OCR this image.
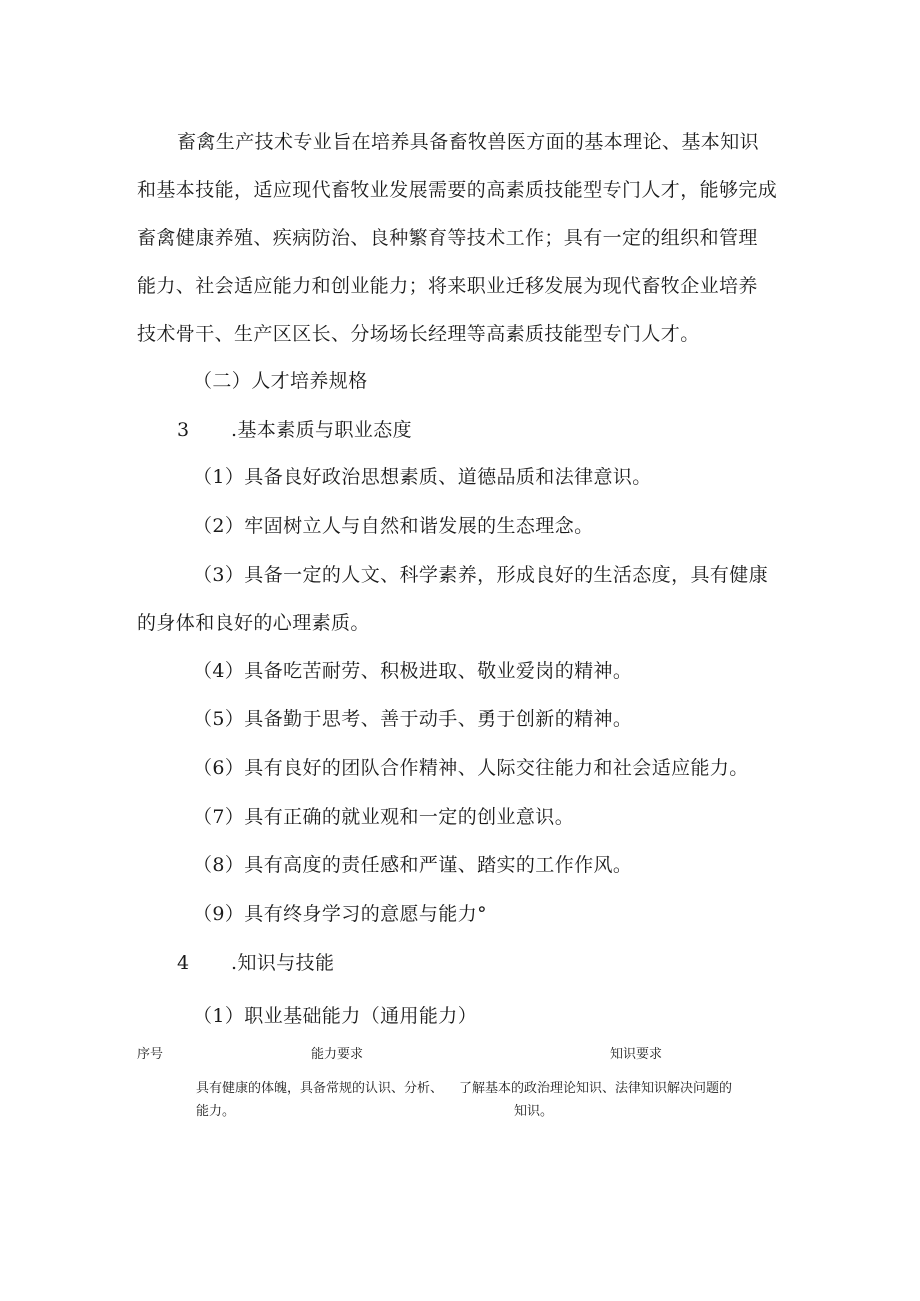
畜禽生产技术专业旨在培养具备畜牧兽医方面的基本理论、基本知识
和基本技能，适应现代畜牧业发展需要的高素质技能型专门人才，能够完成
畜禽健康养殖、疾病防治、良种繁育等技术工作；具有一定的组织和管理
能力、社会适应能力和创业能力；将来职业迁移发展为现代畜牧企业培养
技术骨干、生产区区长、分场场长经理等高素质技能型专门人才。
（二）人才培养规格
3 .基本素质与职业态度
（1）具备良好政治思想素质、道德品质和法律意识。
（2）牢固树立人与自然和谐发展的生态理念。
（3）具备一定的人文、科学素养，形成良好的生活态度，具有健康
的身体和良好的心理素质。
（4）具备吃苦耐劳、积极进取、敬业爱岗的精神。
（5）具备勤于思考、善于动手、勇于创新的精神。
（6）具有良好的团队合作精神、人际交往能力和社会适应能力。
（7）具有正确的就业观和一定的创业意识。
（8）具有高度的责任感和严谨、踏实的工作作风。
（9）具有终身学习的意愿与能力°
4 .知识与技能
（1）职业基础能力（通用能力）
序号	能力要求	知识要求
具有健康的体魄，具备常规的认识、分析、
能力。
了解基本的政治理论知识、法律知识解决问题的
知识。
